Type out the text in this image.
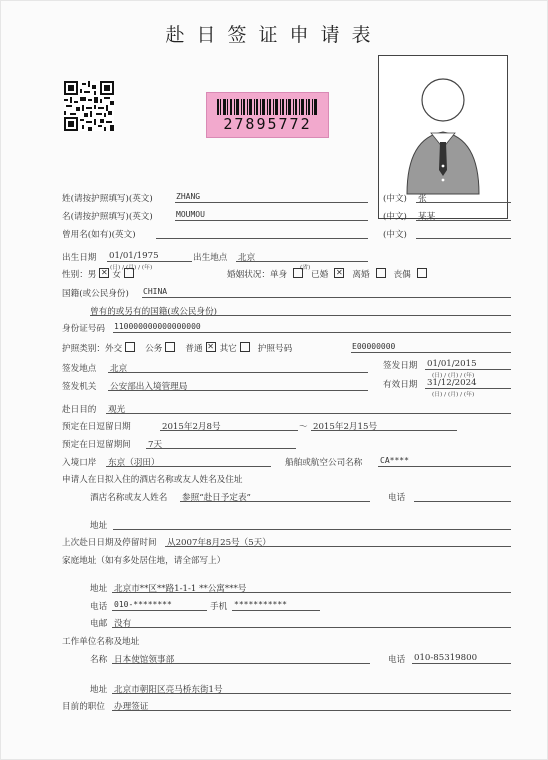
赴日签证申请表
27895772
姓(请按护照填写)(英文)	ZHANG	(中文) 张
名(请按护照填写)(英文)	MOUMOU	(中文) 某某
曾用名(如有)(英文)	(中文)
出生日期 01/01/1975
(日) / (月) / (年)
出生地点 北京
(省)
性别：男 ✕ 女	婚姻状况：单身	已婚 ✕	离婚	丧偶
国籍(或公民身份) CHINA
曾有的或另有的国籍(或公民身份)
身份证号码 110000000000000000
护照类别：外交	公务	普通 ✕ 其它 护照号码	E00000000
签发地点 北京	签发日期 01/01/2015
(日) / (月) / (年)
签发机关 公安部出入境管理局	有效日期 31/12/2024
(日) / (月) / (年)
赴日目的 观光
预定在日逗留日期	2015年2月8号	～ 2015年2月15号
预定在日逗留期间 7天
入境口岸 东京（羽田）	船舶或航空公司名称 CA****
申请人在日拟入住的酒店名称或友人姓名及住址
酒店名称或友人姓名 参照“赴日予定表”	电话
地址
上次赴日日期及停留时间 从2007年8月25号（5天）
家庭地址（如有多处居住地，请全部写上）
地址 北京市**区**路1-1-1 **公寓***号
电话 010-********	手机 ***********
电邮 没有
工作单位名称及地址
名称 日本使馆领事部	电话 010-85319800
地址 北京市朝阳区亮马桥东街1号
目前的职位 办理签证
